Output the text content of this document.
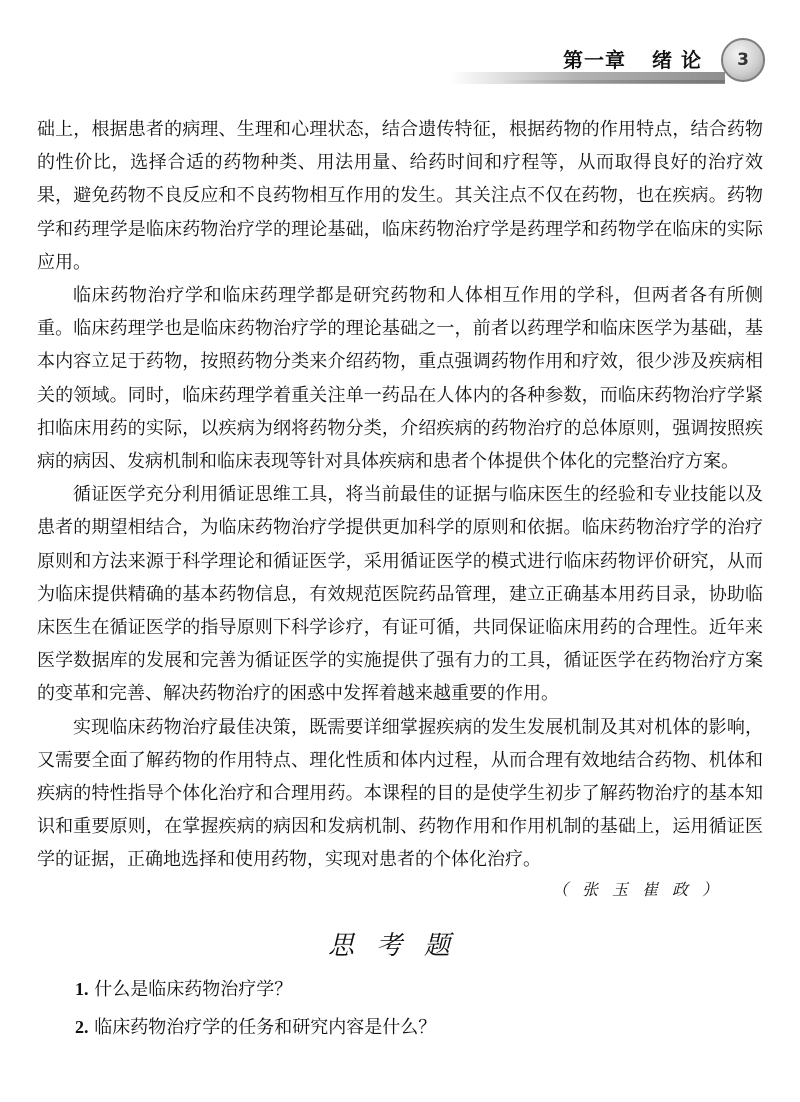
第一章 绪 论 3

础上，根据患者的病理、生理和心理状态，结合遗传特征，根据药物的作用特点，结合药物的性价比，选择合适的药物种类、用法用量、给药时间和疗程等，从而取得良好的治疗效果，避免药物不良反应和不良药物相互作用的发生。其关注点不仅在药物，也在疾病。药物学和药理学是临床药物治疗学的理论基础，临床药物治疗学是药理学和药物学在临床的实际应用。

临床药物治疗学和临床药理学都是研究药物和人体相互作用的学科，但两者各有所侧重。临床药理学也是临床药物治疗学的理论基础之一，前者以药理学和临床医学为基础，基本内容立足于药物，按照药物分类来介绍药物，重点强调药物作用和疗效，很少涉及疾病相关的领域。同时，临床药理学着重关注单一药品在人体内的各种参数，而临床药物治疗学紧扣临床用药的实际，以疾病为纲将药物分类，介绍疾病的药物治疗的总体原则，强调按照疾病的病因、发病机制和临床表现等针对具体疾病和患者个体提供个体化的完整治疗方案。

循证医学充分利用循证思维工具，将当前最佳的证据与临床医生的经验和专业技能以及患者的期望相结合，为临床药物治疗学提供更加科学的原则和依据。临床药物治疗学的治疗原则和方法来源于科学理论和循证医学，采用循证医学的模式进行临床药物评价研究，从而为临床提供精确的基本药物信息，有效规范医院药品管理，建立正确基本用药目录，协助临床医生在循证医学的指导原则下科学诊疗，有证可循，共同保证临床用药的合理性。近年来医学数据库的发展和完善为循证医学的实施提供了强有力的工具，循证医学在药物治疗方案的变革和完善、解决药物治疗的困惑中发挥着越来越重要的作用。

实现临床药物治疗最佳决策，既需要详细掌握疾病的发生发展机制及其对机体的影响，又需要全面了解药物的作用特点、理化性质和体内过程，从而合理有效地结合药物、机体和疾病的特性指导个体化治疗和合理用药。本课程的目的是使学生初步了解药物治疗的基本知识和重要原则，在掌握疾病的病因和发病机制、药物作用和作用机制的基础上，运用循证医学的证据，正确地选择和使用药物，实现对患者的个体化治疗。

（张玉崔政）
思考题
1. 什么是临床药物治疗学？
2. 临床药物治疗学的任务和研究内容是什么？
